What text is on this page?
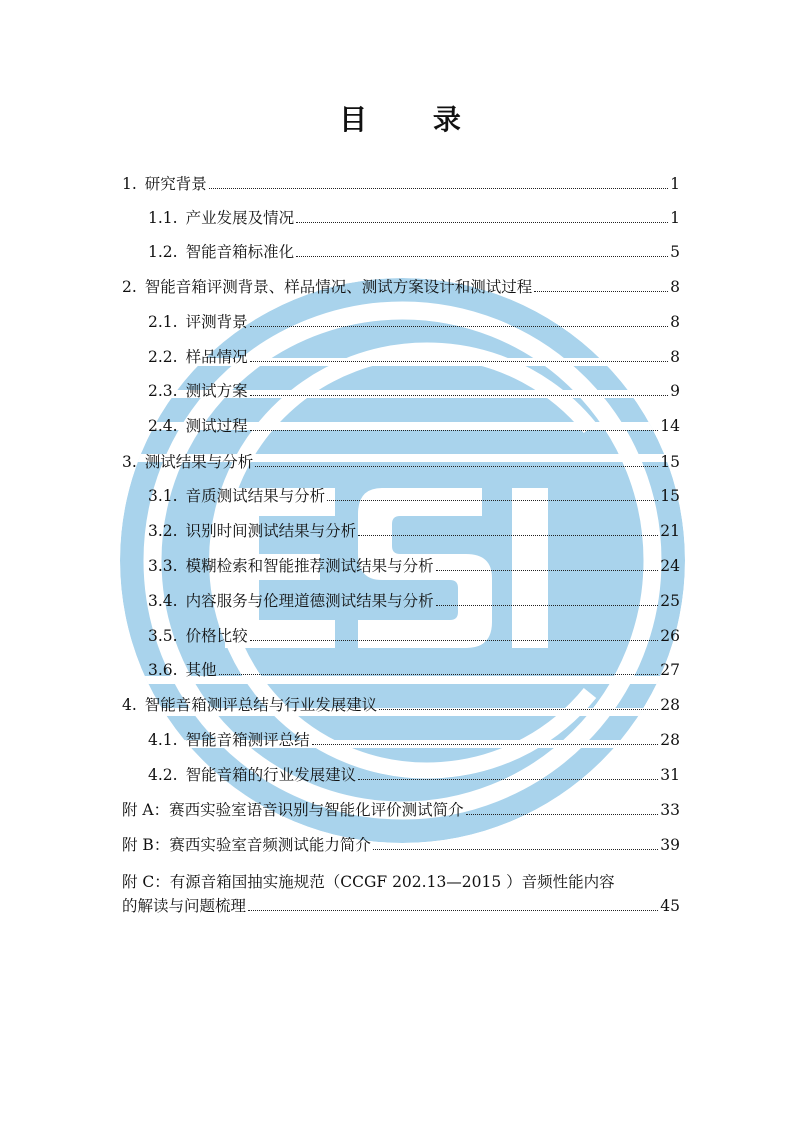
目 录
1. 研究背景	1
1.1. 产业发展及情况	1
1.2. 智能音箱标准化	5
2. 智能音箱评测背景、样品情况、测试方案设计和测试过程	8
2.1. 评测背景	8
2.2. 样品情况	8
2.3. 测试方案	9
2.4. 测试过程	14
3. 测试结果与分析	15
3.1. 音质测试结果与分析	15
3.2. 识别时间测试结果与分析	21
3.3. 模糊检索和智能推荐测试结果与分析	24
3.4. 内容服务与伦理道德测试结果与分析	25
3.5. 价格比较	26
3.6. 其他	27
4. 智能音箱测评总结与行业发展建议	28
4.1. 智能音箱测评总结	28
4.2. 智能音箱的行业发展建议	31
附 A： 赛西实验室语音识别与智能化评价测试简介	33
附 B： 赛西实验室音频测试能力简介	39
附 C：有源音箱国抽实施规范（CCGF 202.13—2015 ）音频性能内容
的解读与问题梳理	45
